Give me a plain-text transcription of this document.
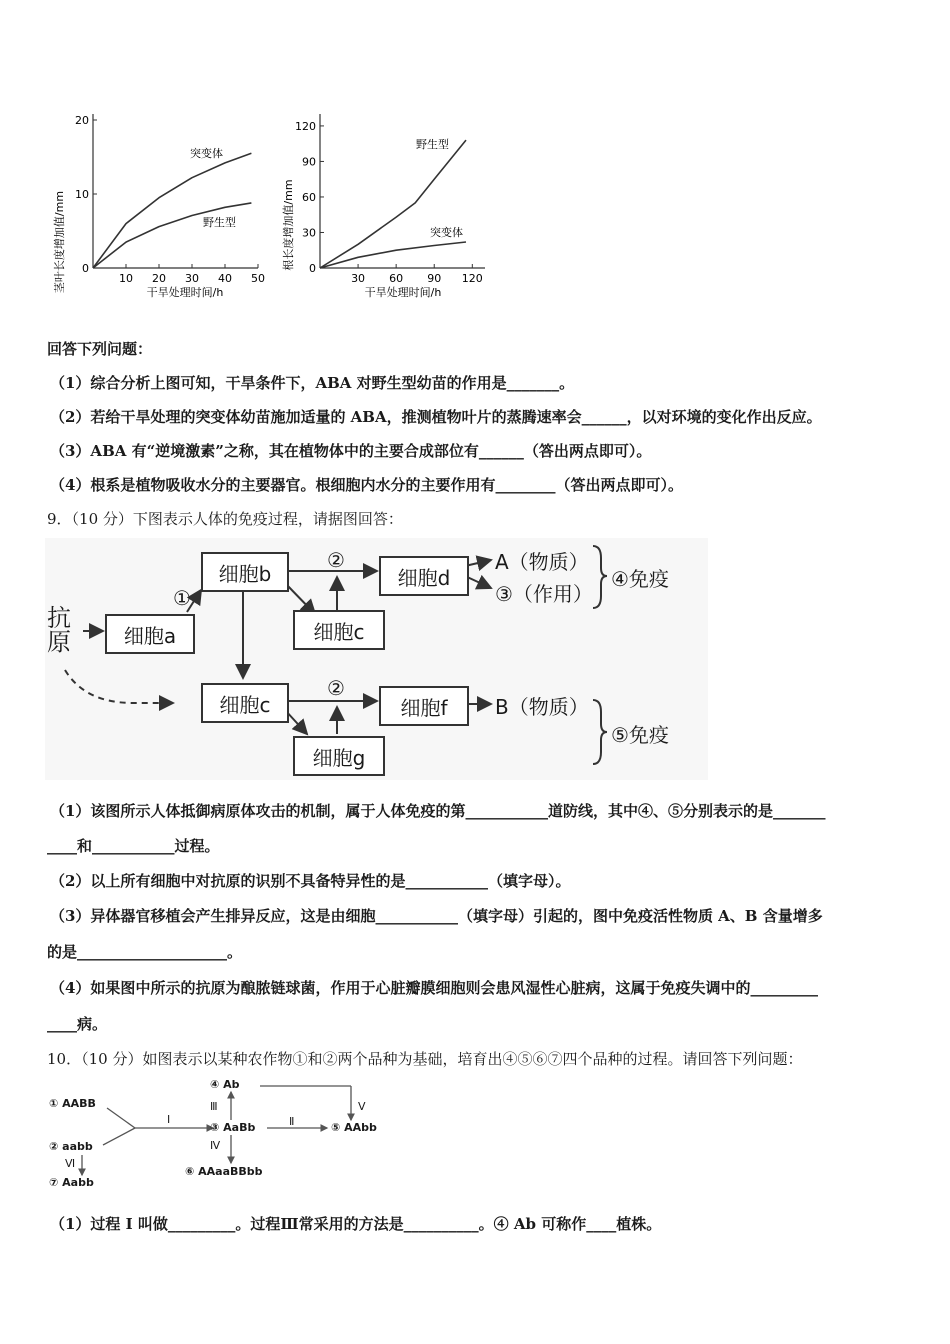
10 20 30 40 50
0
10
20
茎叶长度增加值/mm	干旱处理时间/h
突变体
野生型
30 60 90 120
0
30
60
90
120
根长度增加值/mm
干旱处理时间/h
野生型
突变体
回答下列问题：
（1）综合分析上图可知，干旱条件下，ABA 对野生型幼苗的作用是_______。
（2）若给干旱处理的突变体幼苗施加适量的 ABA，推测植物叶片的蒸腾速率会______，以对环境的变化作出反应。
（3）ABA 有“逆境激素”之称，其在植物体中的主要合成部位有______（答出两点即可）。
（4）根系是植物吸收水分的主要器官。根细胞内水分的主要作用有________（答出两点即可）。
9．（10 分）下图表示人体的免疫过程，请据图回答：
抗
原	细胞a
细胞b	细胞d
细胞c
细胞c	细胞f
细胞g
①
②
②
A（物质）
③（作用）
④免疫
B（物质）
⑤免疫
（1）该图所示人体抵御病原体攻击的机制，属于人体免疫的第___________道防线，其中④、⑤分别表示的是_______
____和___________过程。
（2）以上所有细胞中对抗原的识别不具备特异性的是___________（填字母）。
（3）异体器官移植会产生排异反应，这是由细胞___________（填字母）引起的，图中免疫活性物质 A、B 含量增多
的是____________________。
（4）如果图中所示的抗原为酿脓链球菌，作用于心脏瓣膜细胞则会患风湿性心脏病，这属于免疫失调中的_________
____病。
10．（10 分）如图表示以某种农作物①和②两个品种为基础，培育出④⑤⑥⑦四个品种的过程。请回答下列问题：
① AABB
② aabb
③ AaBb
④ Ab
⑤ AAbb
⑥ AAaaBBbb
⑦ Aabb
Ⅰ	Ⅱ
Ⅲ
Ⅳ
Ⅴ
Ⅵ
（1）过程 I 叫做_________。过程Ⅲ常采用的方法是__________。④ Ab 可称作____植株。
